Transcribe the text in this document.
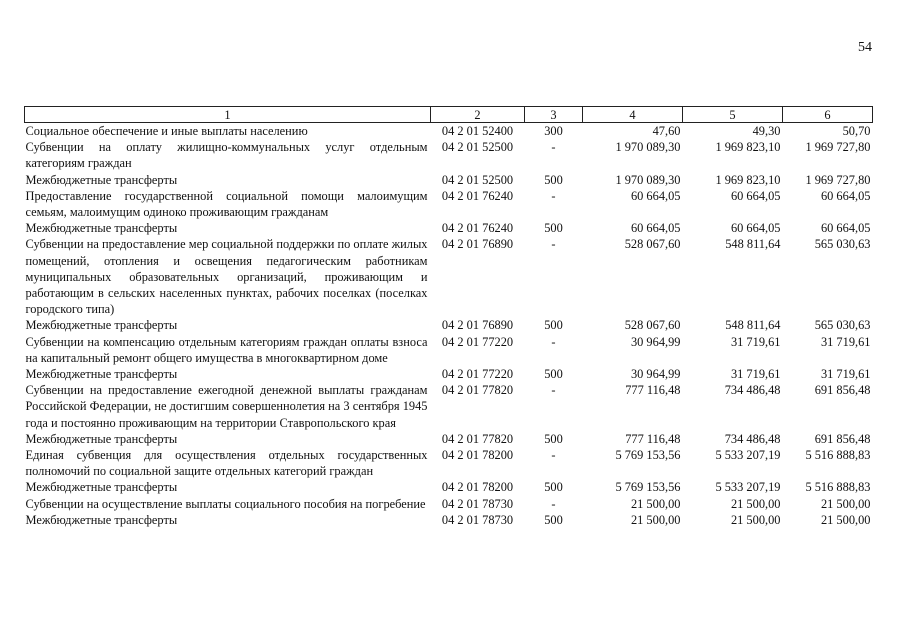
54
1	2	3	4	5	6
Социальное обеспечение и иные выплаты населению	04 2 01 52400	300	47,60	49,30	50,70
Субвенции на оплату жилищно-коммунальных услуг отдельным категориям граждан	04 2 01 52500	-	1 970 089,30	1 969 823,10	1 969 727,80
Межбюджетные трансферты	04 2 01 52500	500	1 970 089,30	1 969 823,10	1 969 727,80
Предоставление государственной социальной помощи малоимущим семьям, малоимущим одиноко проживающим гражданам	04 2 01 76240	-	60 664,05	60 664,05	60 664,05
Межбюджетные трансферты	04 2 01 76240	500	60 664,05	60 664,05	60 664,05
Субвенции на предоставление мер социальной поддержки по оплате жилых помещений, отопления и освещения педагогическим работникам муниципальных образовательных организаций, проживающим и работающим в сельских населенных пунктах, рабочих поселках (поселках городского типа)	04 2 01 76890	-	528 067,60	548 811,64	565 030,63
Межбюджетные трансферты	04 2 01 76890	500	528 067,60	548 811,64	565 030,63
Субвенции на компенсацию отдельным категориям граждан оплаты взноса на капитальный ремонт общего имущества в многоквартирном доме	04 2 01 77220	-	30 964,99	31 719,61	31 719,61
Межбюджетные трансферты	04 2 01 77220	500	30 964,99	31 719,61	31 719,61
Субвенции на предоставление ежегодной денежной выплаты гражданам Российской Федерации, не достигшим совершеннолетия на 3 сентября 1945 года и постоянно проживающим на территории Ставропольского края	04 2 01 77820	-	777 116,48	734 486,48	691 856,48
Межбюджетные трансферты	04 2 01 77820	500	777 116,48	734 486,48	691 856,48
Единая субвенция для осуществления отдельных государственных полномочий по социальной защите отдельных категорий граждан	04 2 01 78200	-	5 769 153,56	5 533 207,19	5 516 888,83
Межбюджетные трансферты	04 2 01 78200	500	5 769 153,56	5 533 207,19	5 516 888,83
Субвенции на осуществление выплаты социального пособия на погребение	04 2 01 78730	-	21 500,00	21 500,00	21 500,00
Межбюджетные трансферты	04 2 01 78730	500	21 500,00	21 500,00	21 500,00
